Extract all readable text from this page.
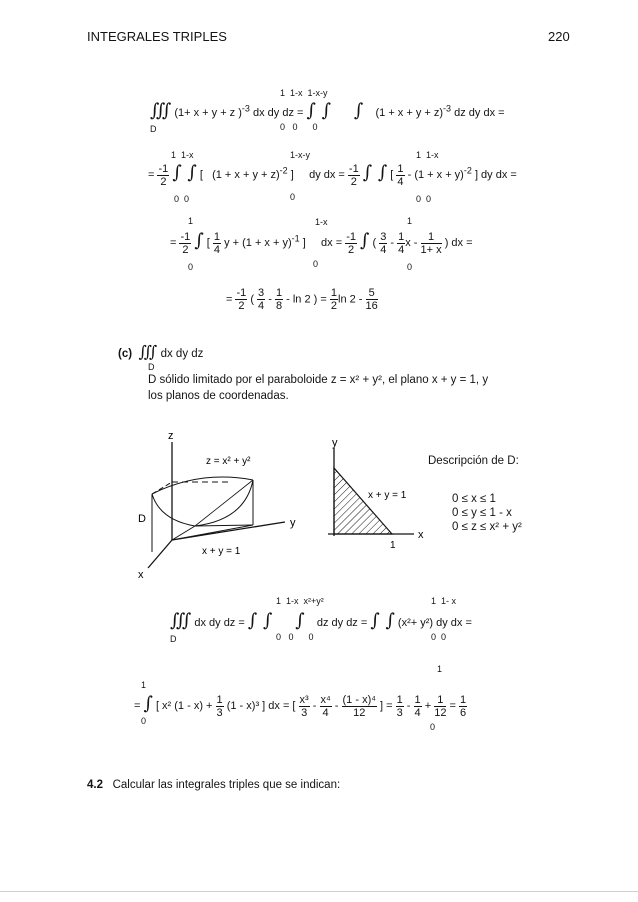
INTEGRALES TRIPLES	220
1  1-x  1-x-y
∭ (1+ x + y + z )$^{-3}$ dx dy dz = ∫ ∫    ∫ $(1 + x + y + z)^{-3}$ dz dy dx =
D	0   0      0
1  1-x	1-x-y	1  1-x
= $\frac{-1}{2}$ ∫ ∫ [   $(1 + x + y + z)^{-2}$ ]     dy dx = $\frac{-1}{2}$ ∫ ∫ [ $\frac{1}{4} - (1 + x + y)^{-2}$ ] dy dx =
0  0	0	0  0
1	1-x	1
= $\frac{-1}{2}$ ∫ [ $\frac{1}{4}$ $y + (1 + x + y)^{-1}$ ]     dx = $\frac{-1}{2}$ ∫ ( $\frac{3}{4} - \frac{1}{4}$ x - $\frac{1}{1+ x}$ ) dx =
0	0	0
= $\frac{-1}{2}$ ( $\frac{3}{4} - \frac{1}{8}$ - ln 2 ) = $\frac{1}{2}$ $\ln 2 - \frac{5}{16}$
(c) ∭ dx dy dz
D
D sólido limitado por el paraboloide z = x² + y², el plano x + y = 1, y
los planos de coordenadas.
z
y
x
D
z = x² + y²
x + y = 1
y
x
x + y = 1
1
Descripción de D:
0 ≤ x ≤ 1
0 ≤ y ≤ 1 - x
0 ≤ z ≤ x² + y²
1  1-x  x²+y²	1  1- x
∭ dx dy dz = ∫ ∫    ∫ dz dy dz = ∫ ∫ (x²+ y²) dy dx =
D	0   0      0	0  0
1
1
= ∫ [ x² $(1 - x) + \frac{1}{3} (1 - x)^3$ ] dx = [ $\frac{\text{x³}}{3} - \frac{\text{x⁴}}{4} - \frac{\text{(1 - x)⁴}}{12}$ ] = $\frac{1}{3} - \frac{1}{4} + \frac{1}{12} = \frac{1}{6}$
0
0
4.2 Calcular las integrales triples que se indican:
